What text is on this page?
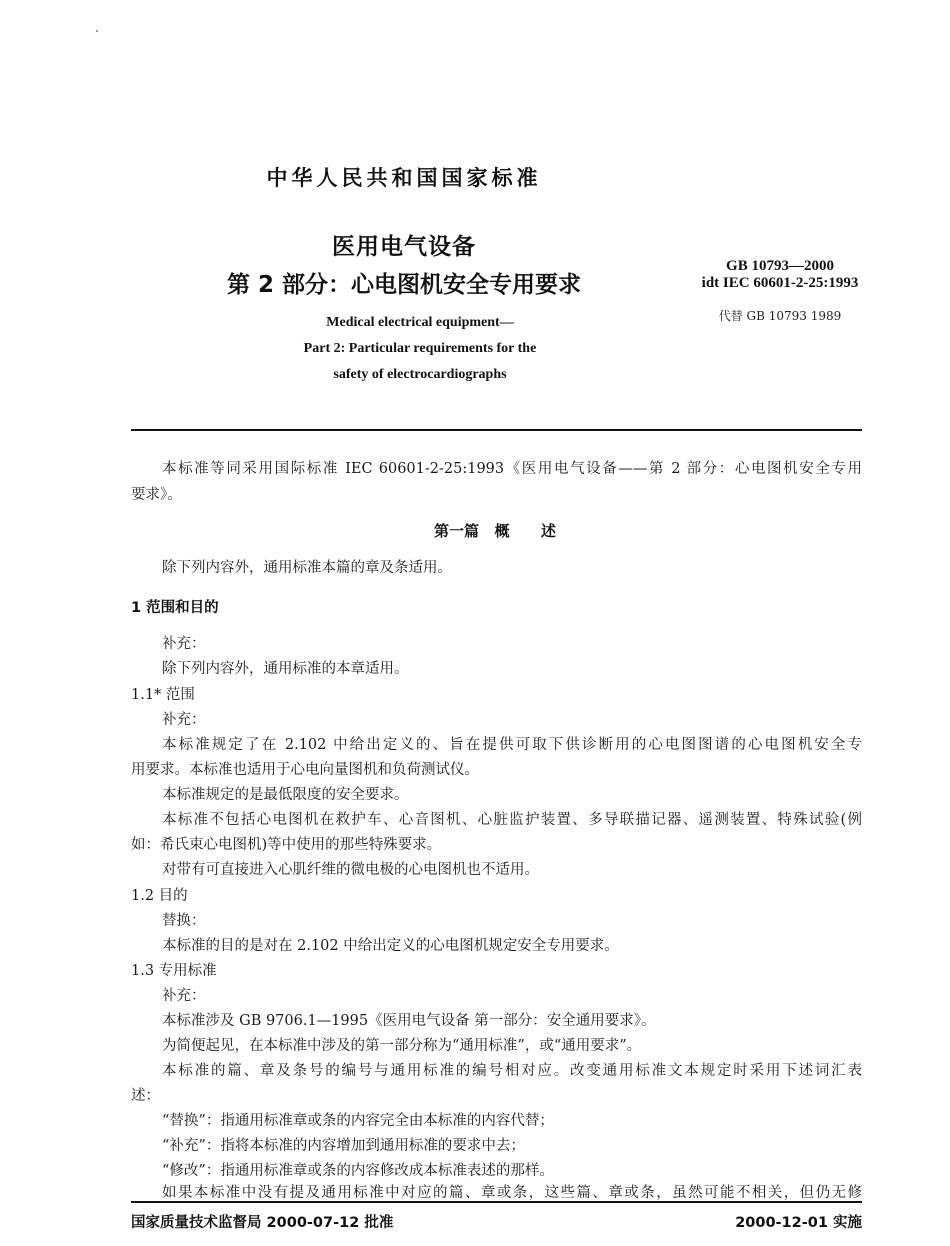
中华人民共和国国家标准
医用电气设备
第 2 部分：心电图机安全专用要求
Medical electrical equipment—
Part 2: Particular requirements for the
safety of electrocardiographs
GB 10793—2000
idt IEC 60601-2-25:1993
代替 GB 10793 1989
本标准等同采用国际标准 IEC 60601-2-25:1993《医用电气设备——第 2 部分：心电图机安全专用
要求》。
第一篇   概      述
除下列内容外，通用标准本篇的章及条适用。
1 范围和目的
补充：
除下列内容外，通用标准的本章适用。
1.1* 范围
补充：
本标准规定了在 2.102 中给出定义的、旨在提供可取下供诊断用的心电图图谱的心电图机安全专
用要求。本标准也适用于心电向量图机和负荷测试仪。
本标准规定的是最低限度的安全要求。
本标准不包括心电图机在救护车、心音图机、心脏监护装置、多导联描记器、遥测装置、特殊试验(例
如：希氏束心电图机)等中使用的那些特殊要求。
对带有可直接进入心肌纤维的微电极的心电图机也不适用。
1.2 目的
替换：
本标准的目的是对在 2.102 中给出定义的心电图机规定安全专用要求。
1.3 专用标准
补充：
本标准涉及 GB 9706.1—1995《医用电气设备 第一部分：安全通用要求》。
为简便起见，在本标准中涉及的第一部分称为“通用标准”，或“通用要求”。
本标准的篇、章及条号的编号与通用标准的编号相对应。改变通用标准文本规定时采用下述词汇表
述：
“替换”：指通用标准章或条的内容完全由本标准的内容代替；
“补充”：指将本标准的内容增加到通用标准的要求中去；
“修改”：指通用标准章或条的内容修改成本标准表述的那样。
如果本标准中没有提及通用标准中对应的篇、章或条，这些篇、章或条，虽然可能不相关，但仍无修
国家质量技术监督局 2000-07-12 批准	2000-12-01 实施
